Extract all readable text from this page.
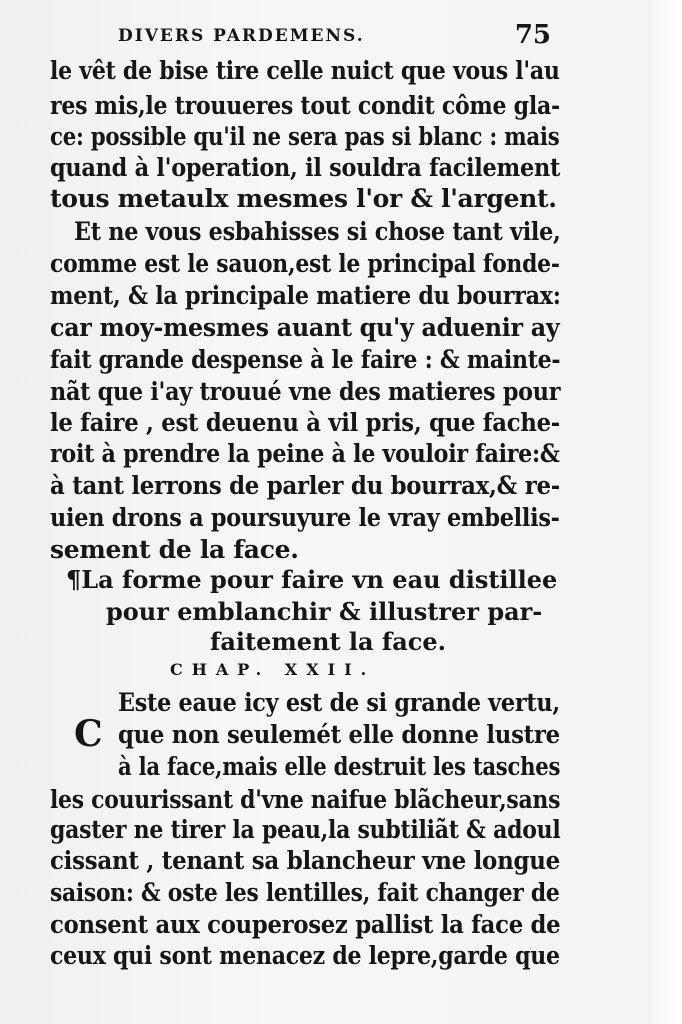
DIVERS PARDEMENS.	75
le vêt de bise tire celle nuict que vous l'au
res mis,le trouueres tout condit côme gla-
ce: possible qu'il ne sera pas si blanc : mais
quand à l'operation, il souldra facilement
tous metaulx mesmes l'or & l'argent.
Et ne vous esbahisses si chose tant vile,
comme est le sauon,est le principal fonde-
ment, & la principale matiere du bourrax:
car moy-mesmes auant qu'y aduenir ay
fait grande despense à le faire : & mainte-
nãt que i'ay trouué vne des matieres pour
le faire , est deuenu à vil pris, que fache-
roit à prendre la peine à le vouloir faire:&
à tant lerrons de parler du bourrax,& re-
uien drons a poursuyure le vray embellis-
sement de la face.
¶La forme pour faire vn eau distillee
pour emblanchir & illustrer par-
faitement la face.
CHAP. XXII.
C
Este eaue icy est de si grande vertu,
que non seulemét elle donne lustre
à la face,mais elle destruit les tasches
les couurissant d'vne naifue blãcheur,sans
gaster ne tirer la peau,la subtiliãt & adoul
cissant , tenant sa blancheur vne longue
saison: & oste les lentilles, fait changer de
consent aux couperosez pallist la face de
ceux qui sont menacez de lepre,garde que
